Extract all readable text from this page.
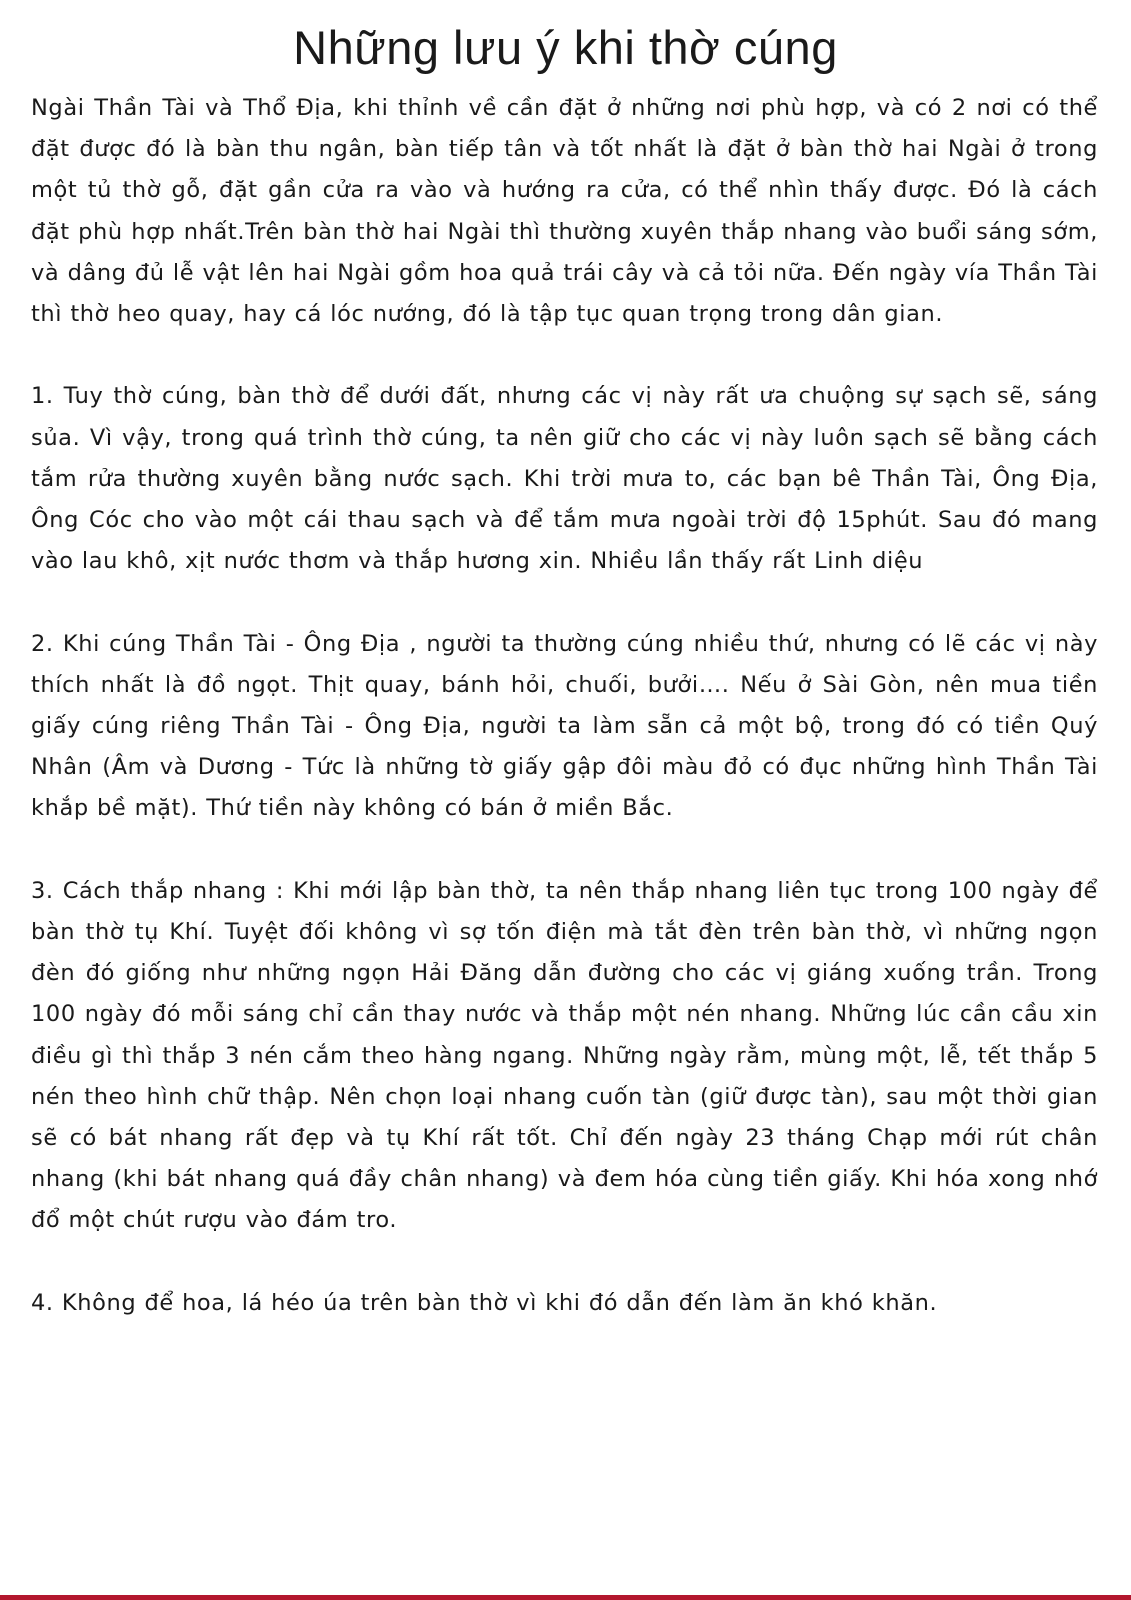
Những lưu ý khi thờ cúng

Ngài Thần Tài và Thổ Địa, khi thỉnh về cần đặt ở những nơi phù hợp, và có 2 nơi có thể đặt được đó là bàn thu ngân, bàn tiếp tân và tốt nhất là đặt ở bàn thờ hai Ngài ở trong một tủ thờ gỗ, đặt gần cửa ra vào và hướng ra cửa, có thể nhìn thấy được. Đó là cách đặt phù hợp nhất.Trên bàn thờ hai Ngài thì thường xuyên thắp nhang vào buổi sáng sớm, và dâng đủ lễ vật lên hai Ngài gồm hoa quả trái cây và cả tỏi nữa. Đến ngày vía Thần Tài thì thờ heo quay, hay cá lóc nướng, đó là tập tục quan trọng trong dân gian.

1. Tuy thờ cúng, bàn thờ để dưới đất, nhưng các vị này rất ưa chuộng sự sạch sẽ, sáng sủa. Vì vậy, trong quá trình thờ cúng, ta nên giữ cho các vị này luôn sạch sẽ bằng cách tắm rửa thường xuyên bằng nước sạch. Khi trời mưa to, các bạn bê Thần Tài, Ông Địa, Ông Cóc cho vào một cái thau sạch và để tắm mưa ngoài trời độ 15phút. Sau đó mang vào lau khô, xịt nước thơm và thắp hương xin. Nhiều lần thấy rất Linh diệu

2. Khi cúng Thần Tài - Ông Địa , người ta thường cúng nhiều thứ, nhưng có lẽ các vị này thích nhất là đồ ngọt. Thịt quay, bánh hỏi, chuối, bưởi…. Nếu ở Sài Gòn, nên mua tiền giấy cúng riêng Thần Tài - Ông Địa, người ta làm sẵn cả một bộ, trong đó có tiền Quý Nhân (Âm và Dương - Tức là những tờ giấy gập đôi màu đỏ có đục những hình Thần Tài khắp bề mặt). Thứ tiền này không có bán ở miền Bắc.

3. Cách thắp nhang : Khi mới lập bàn thờ, ta nên thắp nhang liên tục trong 100 ngày để bàn thờ tụ Khí. Tuyệt đối không vì sợ tốn điện mà tắt đèn trên bàn thờ, vì những ngọn đèn đó giống như những ngọn Hải Đăng dẫn đường cho các vị giáng xuống trần. Trong 100 ngày đó mỗi sáng chỉ cần thay nước và thắp một nén nhang. Những lúc cần cầu xin điều gì thì thắp 3 nén cắm theo hàng ngang. Những ngày rằm, mùng một, lễ, tết thắp 5 nén theo hình chữ thập. Nên chọn loại nhang cuốn tàn (giữ được tàn), sau một thời gian sẽ có bát nhang rất đẹp và tụ Khí rất tốt. Chỉ đến ngày 23 tháng Chạp mới rút chân nhang (khi bát nhang quá đầy chân nhang) và đem hóa cùng tiền giấy. Khi hóa xong nhớ đổ một chút rượu vào đám tro.

4. Không để hoa, lá héo úa trên bàn thờ vì khi đó dẫn đến làm ăn khó khăn.
